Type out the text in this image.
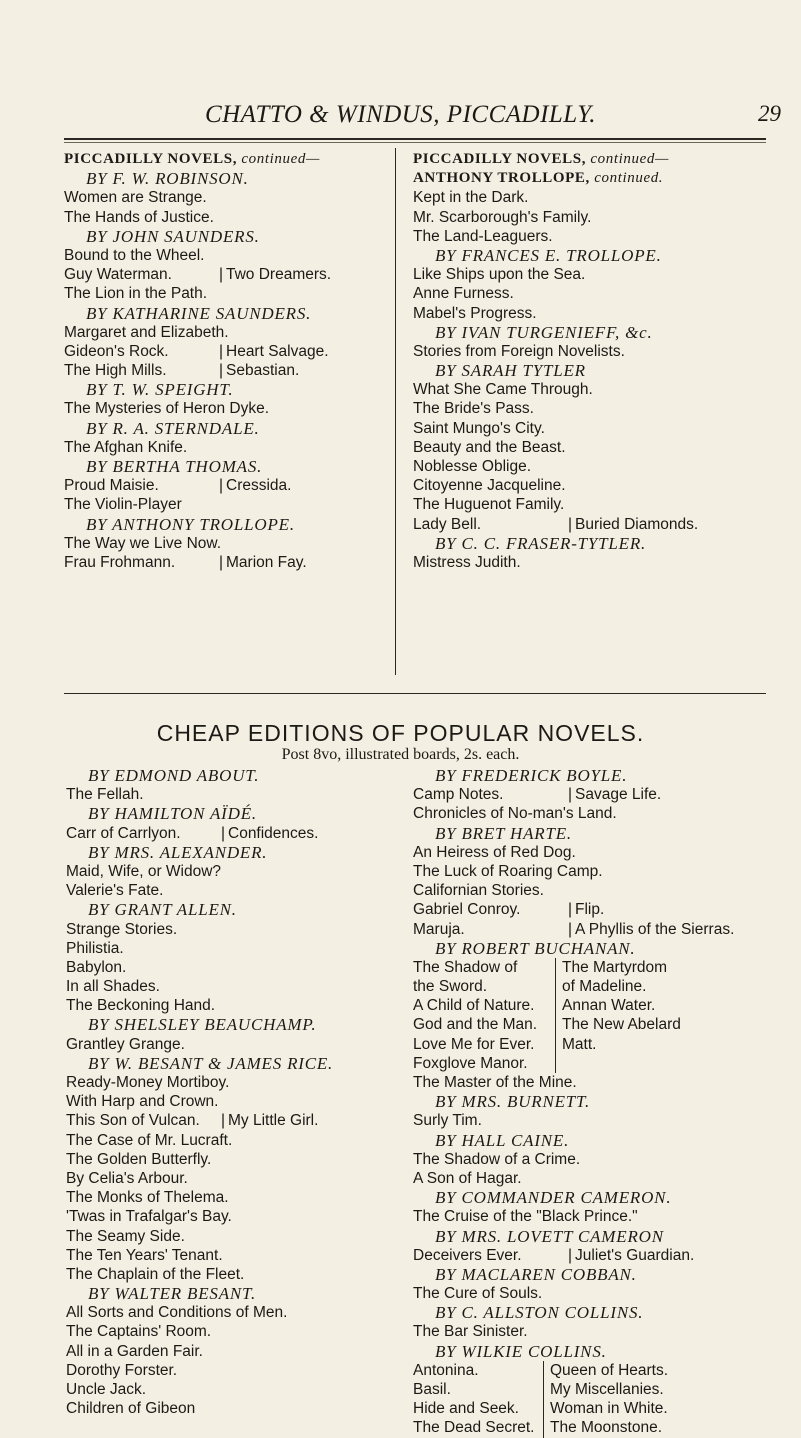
CHATTO & WINDUS, PICCADILLY.	29
PICCADILLY NOVELS, continued—
BY F. W. ROBINSON.
Women are Strange.
The Hands of Justice.
BY JOHN SAUNDERS.
Bound to the Wheel.
Guy Waterman.	| Two Dreamers.
The Lion in the Path.
BY KATHARINE SAUNDERS.
Margaret and Elizabeth.
Gideon's Rock.	| Heart Salvage.
The High Mills.	| Sebastian.
BY T. W. SPEIGHT.
The Mysteries of Heron Dyke.
BY R. A. STERNDALE.
The Afghan Knife.
BY BERTHA THOMAS.
Proud Maisie.	| Cressida.
The Violin-Player
BY ANTHONY TROLLOPE.
The Way we Live Now.
Frau Frohmann.	| Marion Fay.
PICCADILLY NOVELS, continued—
ANTHONY TROLLOPE, continued.
Kept in the Dark.
Mr. Scarborough's Family.
The Land-Leaguers.
BY FRANCES E. TROLLOPE.
Like Ships upon the Sea.
Anne Furness.
Mabel's Progress.
BY IVAN TURGENIEFF, &c.
Stories from Foreign Novelists.
BY SARAH TYTLER
What She Came Through.
The Bride's Pass.
Saint Mungo's City.
Beauty and the Beast.
Noblesse Oblige.
Citoyenne Jacqueline.
The Huguenot Family.
Lady Bell.	| Buried Diamonds.
BY C. C. FRASER-TYTLER.
Mistress Judith.
CHEAP EDITIONS OF POPULAR NOVELS.
Post 8vo, illustrated boards, 2s. each.
BY EDMOND ABOUT.
The Fellah.
BY HAMILTON AÏDÉ.
Carr of Carrlyon.	| Confidences.
BY MRS. ALEXANDER.
Maid, Wife, or Widow?
Valerie's Fate.
BY GRANT ALLEN.
Strange Stories.
Philistia.
Babylon.
In all Shades.
The Beckoning Hand.
BY SHELSLEY BEAUCHAMP.
Grantley Grange.
BY W. BESANT & JAMES RICE.
Ready-Money Mortiboy.
With Harp and Crown.
This Son of Vulcan.	| My Little Girl.
The Case of Mr. Lucraft.
The Golden Butterfly.
By Celia's Arbour.
The Monks of Thelema.
'Twas in Trafalgar's Bay.
The Seamy Side.
The Ten Years' Tenant.
The Chaplain of the Fleet.
BY WALTER BESANT.
All Sorts and Conditions of Men.
The Captains' Room.
All in a Garden Fair.
Dorothy Forster.
Uncle Jack.
Children of Gibeon
BY FREDERICK BOYLE.
Camp Notes.	| Savage Life.
Chronicles of No-man's Land.
BY BRET HARTE.
An Heiress of Red Dog.
The Luck of Roaring Camp.
Californian Stories.
Gabriel Conroy.	| Flip.
Maruja.	| A Phyllis of the Sierras.
BY ROBERT BUCHANAN.
The Shadow of	The Martyrdom
the Sword.	of Madeline.
A Child of Nature.	Annan Water.
God and the Man.	The New Abelard
Love Me for Ever.	Matt.
Foxglove Manor.
The Master of the Mine.
BY MRS. BURNETT.
Surly Tim.
BY HALL CAINE.
The Shadow of a Crime.
A Son of Hagar.
BY COMMANDER CAMERON.
The Cruise of the "Black Prince."
BY MRS. LOVETT CAMERON
Deceivers Ever.	| Juliet's Guardian.
BY MACLAREN COBBAN.
The Cure of Souls.
BY C. ALLSTON COLLINS.
The Bar Sinister.
BY WILKIE COLLINS.
Antonina.	Queen of Hearts.
Basil.	My Miscellanies.
Hide and Seek.	Woman in White.
The Dead Secret.	The Moonstone.
